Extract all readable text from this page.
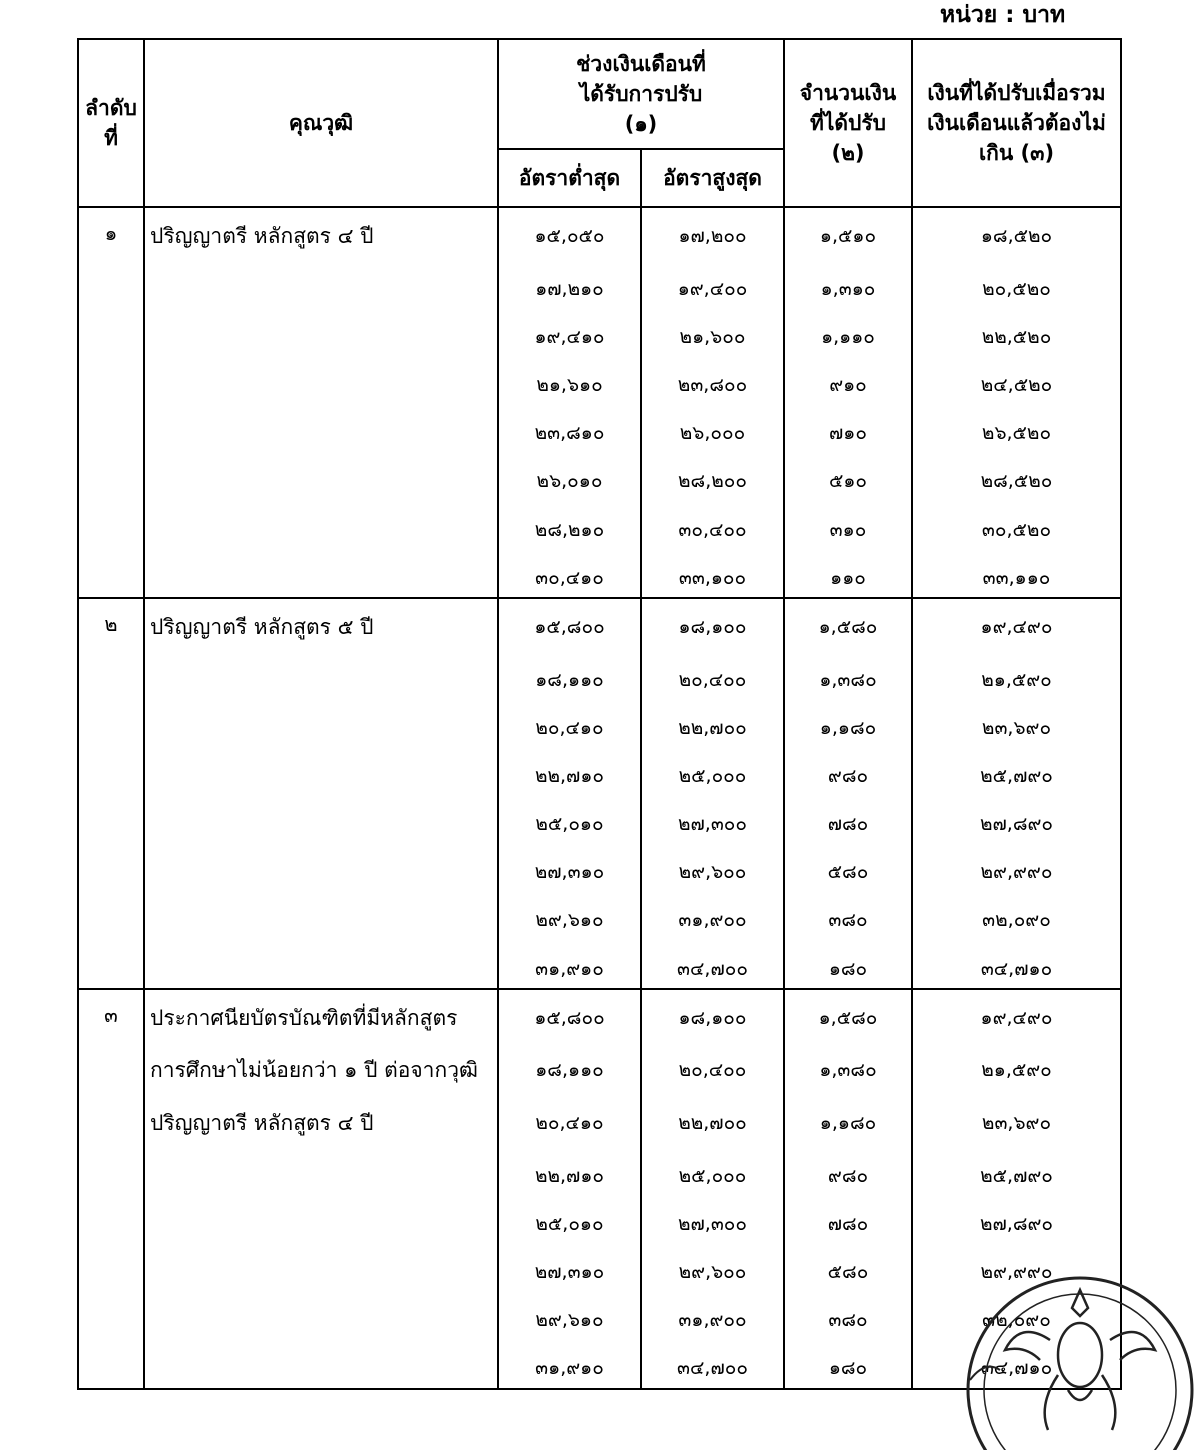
หน่วย : บาท
ลำดับที่	คุณวุฒิ	ช่วงเงินเดือนที่ได้รับการปรับ (๑)		จำนวนเงินที่ได้ปรับ (๒)	เงินที่ได้ปรับเมื่อรวมเงินเดือนแล้วต้องไม่เกิน (๓)
		อัตราต่ำสุด	อัตราสูงสุด		
๑	ปริญญาตรี หลักสูตร ๔ ปี	๑๕,๐๕๐	๑๗,๒๐๐	๑,๕๑๐	๑๘,๕๒๐
		๑๗,๒๑๐	๑๙,๔๐๐	๑,๓๑๐	๒๐,๕๒๐
		๑๙,๔๑๐	๒๑,๖๐๐	๑,๑๑๐	๒๒,๕๒๐
		๒๑,๖๑๐	๒๓,๘๐๐	๙๑๐	๒๔,๕๒๐
		๒๓,๘๑๐	๒๖,๐๐๐	๗๑๐	๒๖,๕๒๐
		๒๖,๐๑๐	๒๘,๒๐๐	๕๑๐	๒๘,๕๒๐
		๒๘,๒๑๐	๓๐,๔๐๐	๓๑๐	๓๐,๕๒๐
		๓๐,๔๑๐	๓๓,๑๐๐	๑๑๐	๓๓,๑๑๐
๒	ปริญญาตรี หลักสูตร ๕ ปี	๑๕,๘๐๐	๑๘,๑๐๐	๑,๕๘๐	๑๙,๔๙๐
		๑๘,๑๑๐	๒๐,๔๐๐	๑,๓๘๐	๒๑,๕๙๐
		๒๐,๔๑๐	๒๒,๗๐๐	๑,๑๘๐	๒๓,๖๙๐
		๒๒,๗๑๐	๒๕,๐๐๐	๙๘๐	๒๕,๗๙๐
		๒๕,๐๑๐	๒๗,๓๐๐	๗๘๐	๒๗,๘๙๐
		๒๗,๓๑๐	๒๙,๖๐๐	๕๘๐	๒๙,๙๙๐
		๒๙,๖๑๐	๓๑,๙๐๐	๓๘๐	๓๒,๐๙๐
		๓๑,๙๑๐	๓๔,๗๐๐	๑๘๐	๓๔,๗๑๐
๓	ประกาศนียบัตรบัณฑิตที่มีหลักสูตร	๑๕,๘๐๐	๑๘,๑๐๐	๑,๕๘๐	๑๙,๔๙๐
	การศึกษาไม่น้อยกว่า ๑ ปี ต่อจากวุฒิ	๑๘,๑๑๐	๒๐,๔๐๐	๑,๓๘๐	๒๑,๕๙๐
	ปริญญาตรี หลักสูตร ๔ ปี	๒๐,๔๑๐	๒๒,๗๐๐	๑,๑๘๐	๒๓,๖๙๐
		๒๒,๗๑๐	๒๕,๐๐๐	๙๘๐	๒๕,๗๙๐
		๒๕,๐๑๐	๒๗,๓๐๐	๗๘๐	๒๗,๘๙๐
		๒๗,๓๑๐	๒๙,๖๐๐	๕๘๐	๒๙,๙๙๐
		๒๙,๖๑๐	๓๑,๙๐๐	๓๘๐	๓๒,๐๙๐
		๓๑,๙๑๐	๓๔,๗๐๐	๑๘๐	๓๔,๗๑๐
